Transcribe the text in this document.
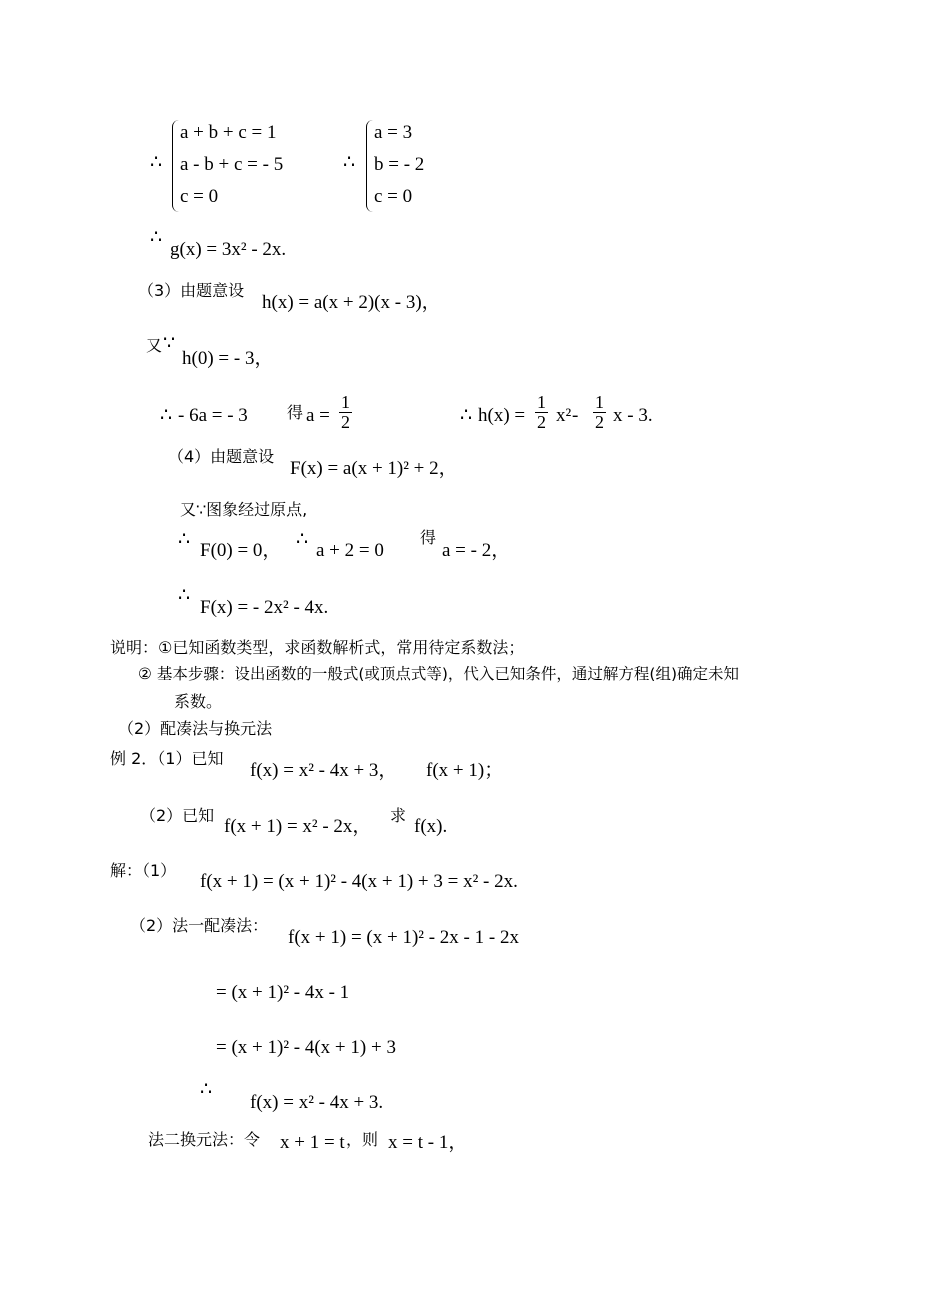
∴
a + b + c = 1
a - b + c = - 5
c = 0
∴
a = 3
b = - 2
c = 0
∴
g(x) = 3x² - 2x.
（3）由题意设
h(x) = a(x + 2)(x - 3)，
又 ∵
h(0) = - 3，
∴ - 6a = - 3 得 $a = \frac{1}{2}$	∴ $h(x) = \frac{1}{2} x^2 - \frac{1}{2}$ x - 3.
（4）由题意设
F(x) = a(x + 1)² + 2，
又∵图象经过原点,
∴
F(0) = 0，
∴
a + 2 = 0
得
a = - 2，
∴
F(x) = - 2x² - 4x.
说明： ①已知函数类型，求函数解析式，常用待定系数法；
② 基本步骤：设出函数的一般式(或顶点式等)，代入已知条件，通过解方程(组)确定未知
系数。
（2）配凑法与换元法
例 2．（1）已知
f(x) = x² - 4x + 3， f(x + 1)；
（2）已知
f(x + 1) = x² - 2x，
求
f(x).
解：（1）
f(x + 1) = (x + 1)² - 4(x + 1) + 3 = x² - 2x.
（2）法一配凑法：
f(x + 1) = (x + 1)² - 2x - 1 - 2x
= (x + 1)² - 4x - 1
= (x + 1)² - 4(x + 1) + 3
∴
f(x) = x² - 4x + 3.
法二换元法：令 x + 1 = t ，则 x = t - 1，
